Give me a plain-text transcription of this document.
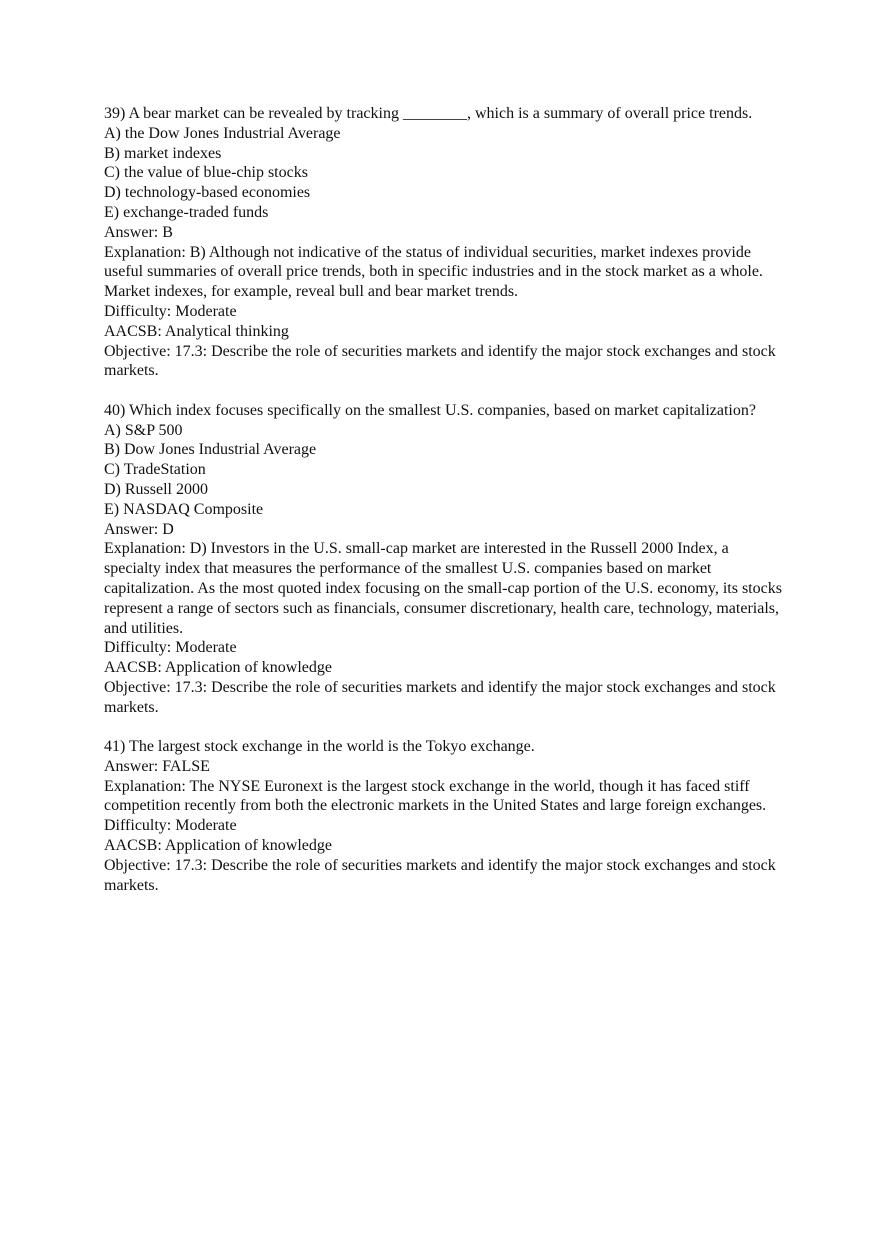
39) A bear market can be revealed by tracking ________, which is a summary of overall price trends.

A) the Dow Jones Industrial Average

B) market indexes

C) the value of blue-chip stocks

D) technology-based economies

E) exchange-traded funds

Answer: B

Explanation: B) Although not indicative of the status of individual securities, market indexes provide useful summaries of overall price trends, both in specific industries and in the stock market as a whole. Market indexes, for example, reveal bull and bear market trends.

Difficulty: Moderate

AACSB: Analytical thinking

Objective: 17.3: Describe the role of securities markets and identify the major stock exchanges and stock markets.

40) Which index focuses specifically on the smallest U.S. companies, based on market capitalization?

A) S&P 500

B) Dow Jones Industrial Average

C) TradeStation

D) Russell 2000

E) NASDAQ Composite

Answer: D

Explanation: D) Investors in the U.S. small-cap market are interested in the Russell 2000 Index, a specialty index that measures the performance of the smallest U.S. companies based on market capitalization. As the most quoted index focusing on the small-cap portion of the U.S. economy, its stocks represent a range of sectors such as financials, consumer discretionary, health care, technology, materials, and utilities.

Difficulty: Moderate

AACSB: Application of knowledge

Objective: 17.3: Describe the role of securities markets and identify the major stock exchanges and stock markets.

41) The largest stock exchange in the world is the Tokyo exchange.

Answer: FALSE

Explanation: The NYSE Euronext is the largest stock exchange in the world, though it has faced stiff competition recently from both the electronic markets in the United States and large foreign exchanges.

Difficulty: Moderate

AACSB: Application of knowledge

Objective: 17.3: Describe the role of securities markets and identify the major stock exchanges and stock markets.
